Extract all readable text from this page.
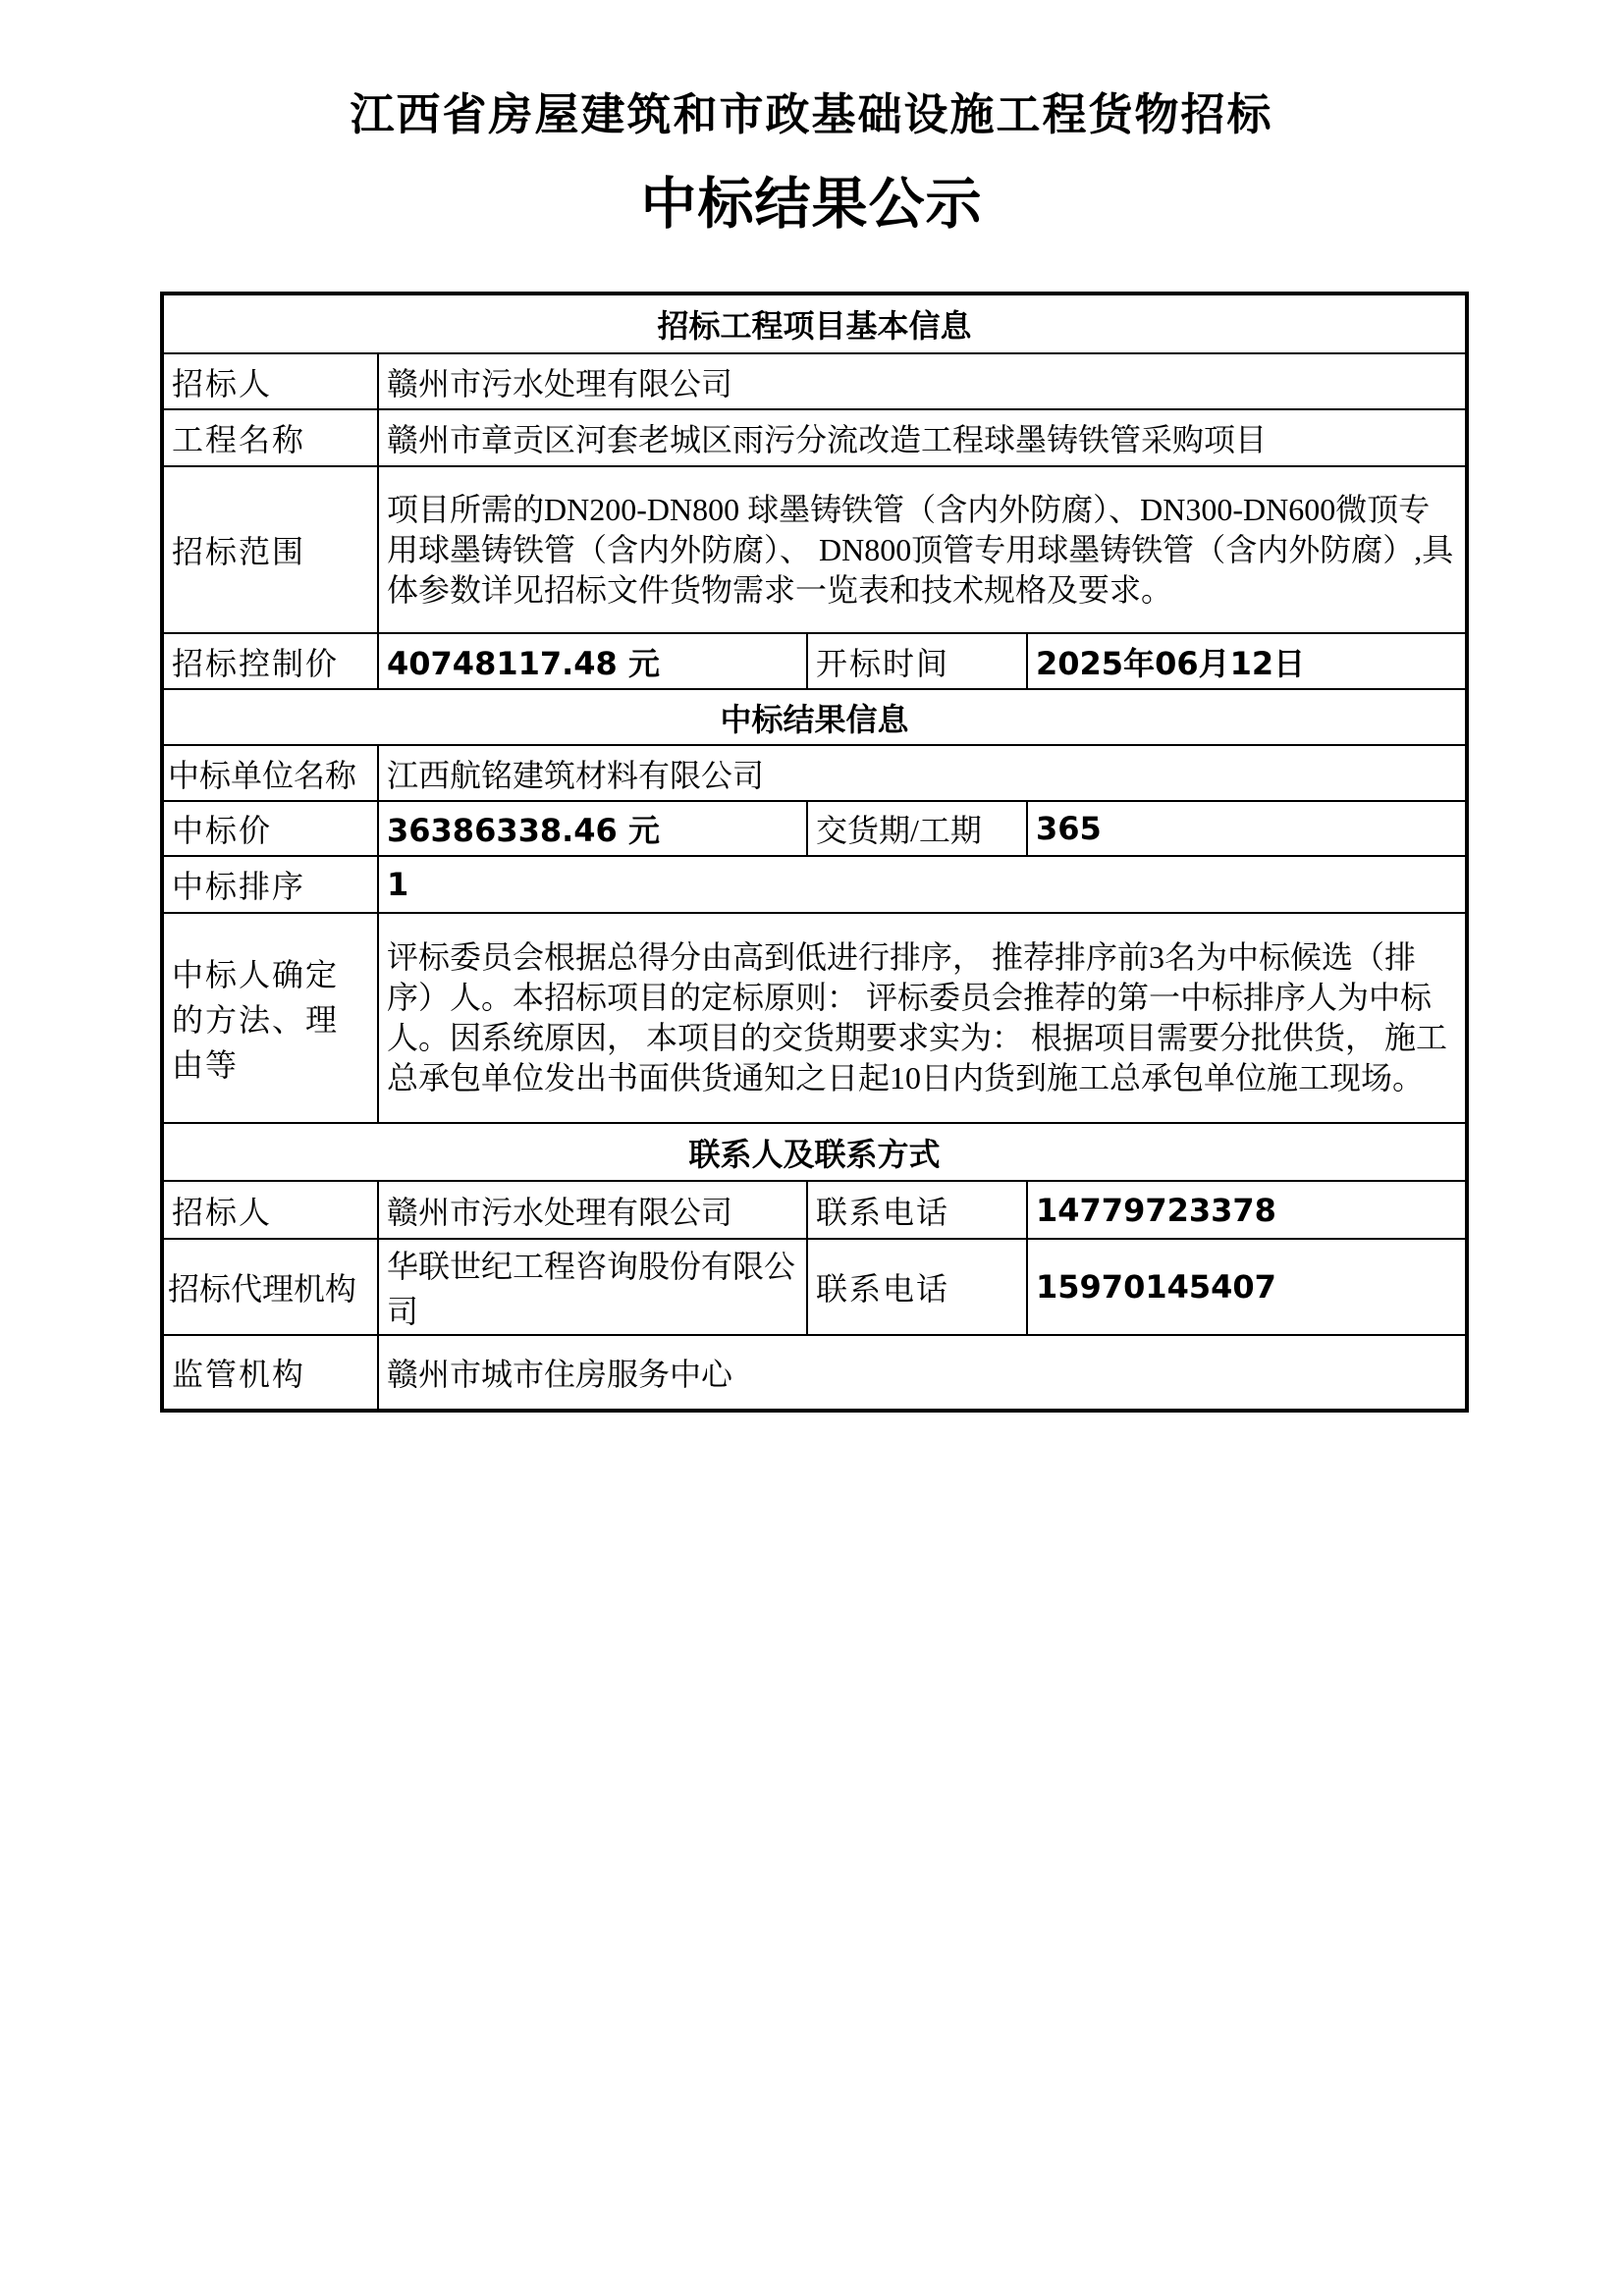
江西省房屋建筑和市政基础设施工程货物招标
中标结果公示
招标工程项目基本信息			
招标人	赣州市污水处理有限公司		
工程名称	赣州市章贡区河套老城区雨污分流改造工程球墨铸铁管采购项目		
招标范围	项目所需的DN200-DN800 球墨铸铁管（含内外防腐）、DN300-DN600微顶专用球墨铸铁管（含内外防腐）、 DN800顶管专用球墨铸铁管（含内外防腐）,具体参数详见招标文件货物需求一览表和技术规格及要求。		
招标控制价	40748117.48 元	开标时间	2025年06月12日
中标结果信息			
中标单位名称	江西航铭建筑材料有限公司		
中标价	36386338.46 元	交货期/工期	365
中标排序	1		
中标人确定的方法、理由等	评标委员会根据总得分由高到低进行排序， 推荐排序前3名为中标候选（排序）人。本招标项目的定标原则： 评标委员会推荐的第一中标排序人为中标人。因系统原因， 本项目的交货期要求实为： 根据项目需要分批供货， 施工总承包单位发出书面供货通知之日起10日内货到施工总承包单位施工现场。		
联系人及联系方式			
招标人	赣州市污水处理有限公司	联系电话	14779723378
招标代理机构	华联世纪工程咨询股份有限公司	联系电话	15970145407
监管机构	赣州市城市住房服务中心		
